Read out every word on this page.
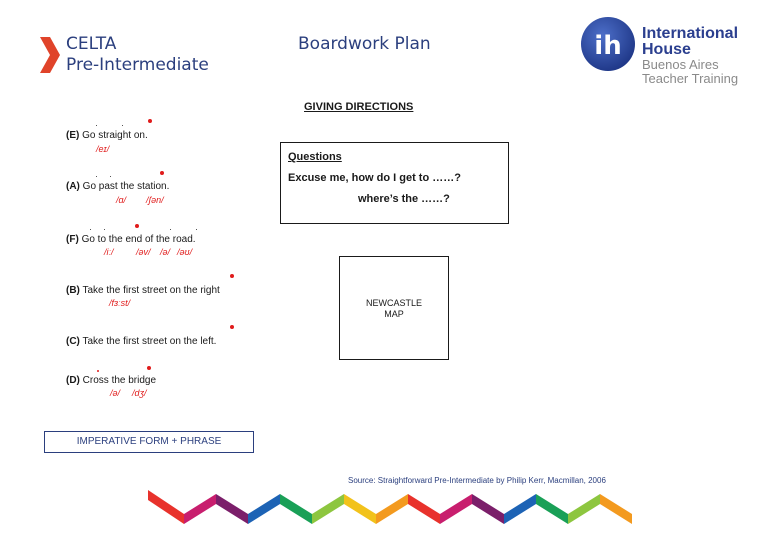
CELTA
Pre-Intermediate
Boardwork Plan	ih International
House
Buenos Aires
Teacher Training
GIVING DIRECTIONS
(E) Go straight on.
/eɪ/
(A) Go past the station.
/ɑ/ /ʃən/
(F) Go to the end of the road.
/iː/ /əv/ /ə/ /əʊ/
(B) Take the first street on the right
/fɜːst/
(C) Take the first street on the left.
(D) Cross the bridge
/ə/ /dʒ/
Questions
Excuse me, how do I get to ……?
where’s the ……?
NEWCASTLE
MAP
IMPERATIVE FORM + PHRASE
Source: Straightforward Pre-Intermediate by Philip Kerr, Macmillan, 2006
